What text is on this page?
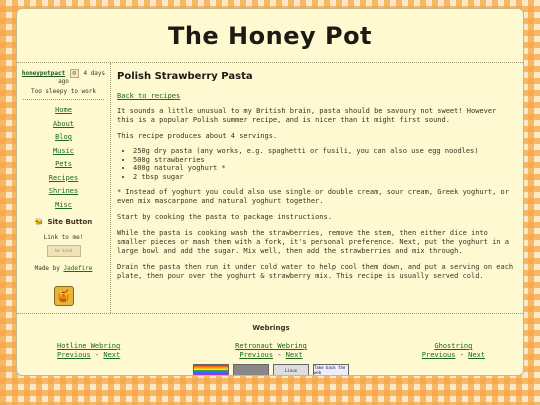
The Honey Pot
honeypotpact ☺ 4 days ago
Too sleepy to work
Home
About
Blog
Music
Pets
Recipes
Shrines
Misc
🐝 Site Button
Link to me!
be kind
Made by Jadefire
🍯
Polish Strawberry Pasta
Back to recipes

It sounds a little unusual to my British brain, pasta should be savoury not sweet! However this is a popular Polish summer recipe, and is nicer than it might first sound.

This recipe produces about 4 servings.

• 250g dry pasta (any works, e.g. spaghetti or fusili, you can also use egg noodles)
• 500g strawberries
• 400g natural yoghurt *
• 2 tbsp sugar

* Instead of yoghurt you could also use single or double cream, sour cream, Greek yoghurt, or even mix mascarpone and natural yoghurt together.

Start by cooking the pasta to package instructions.

While the pasta is cooking wash the strawberries, remove the stem, then either dice into smaller pieces or mash them with a fork, it's personal preference. Next, put the yoghurt in a large bowl and add the sugar. Mix well, then add the strawberries and mix through.

Drain the pasta then run it under cold water to help cool them down, and put a serving on each plate, then pour over the yoghurt & strawberry mix. This recipe is usually served cold.

Webrings
Hotline Webring
Previous - Next
Retronaut Webring
Previous - Next
Ghostring
Previous - Next
Linux	Take back the web
